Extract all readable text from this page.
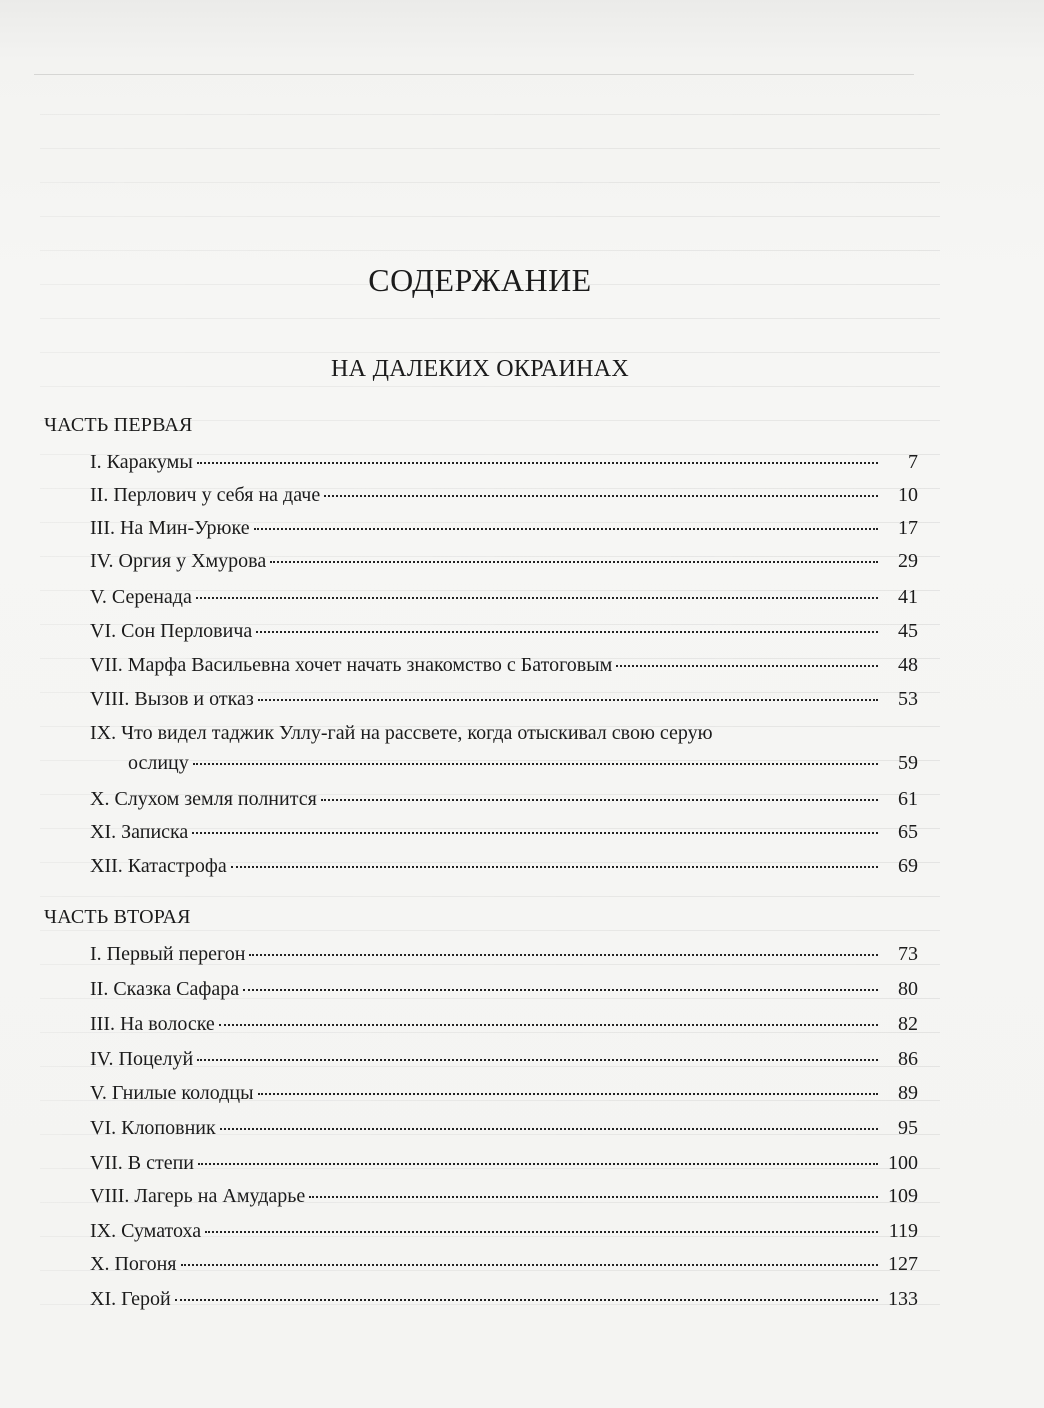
СОДЕРЖАНИЕ
НА ДАЛЕКИХ ОКРАИНАХ
ЧАСТЬ ПЕРВАЯ
I. Каракумы	7
II. Перлович у себя на даче	10
III. На Мин-Урюке	17
IV. Оргия у Хмурова	29
V. Серенада	41
VI. Сон Перловича	45
VII. Марфа Васильевна хочет начать знакомство с Батоговым	48
VIII. Вызов и отказ	53
IX. Что видел таджик Уллу-гай на рассвете, когда отыскивал свою серую
ослицу	59
X. Слухом земля полнится	61
XI. Записка	65
XII. Катастрофа	69
ЧАСТЬ ВТОРАЯ
I. Первый перегон	73
II. Сказка Сафара	80
III. На волоске	82
IV. Поцелуй	86
V. Гнилые колодцы	89
VI. Клоповник	95
VII. В степи	100
VIII. Лагерь на Амударье	109
IX. Суматоха	119
X. Погоня	127
XI. Герой	133
